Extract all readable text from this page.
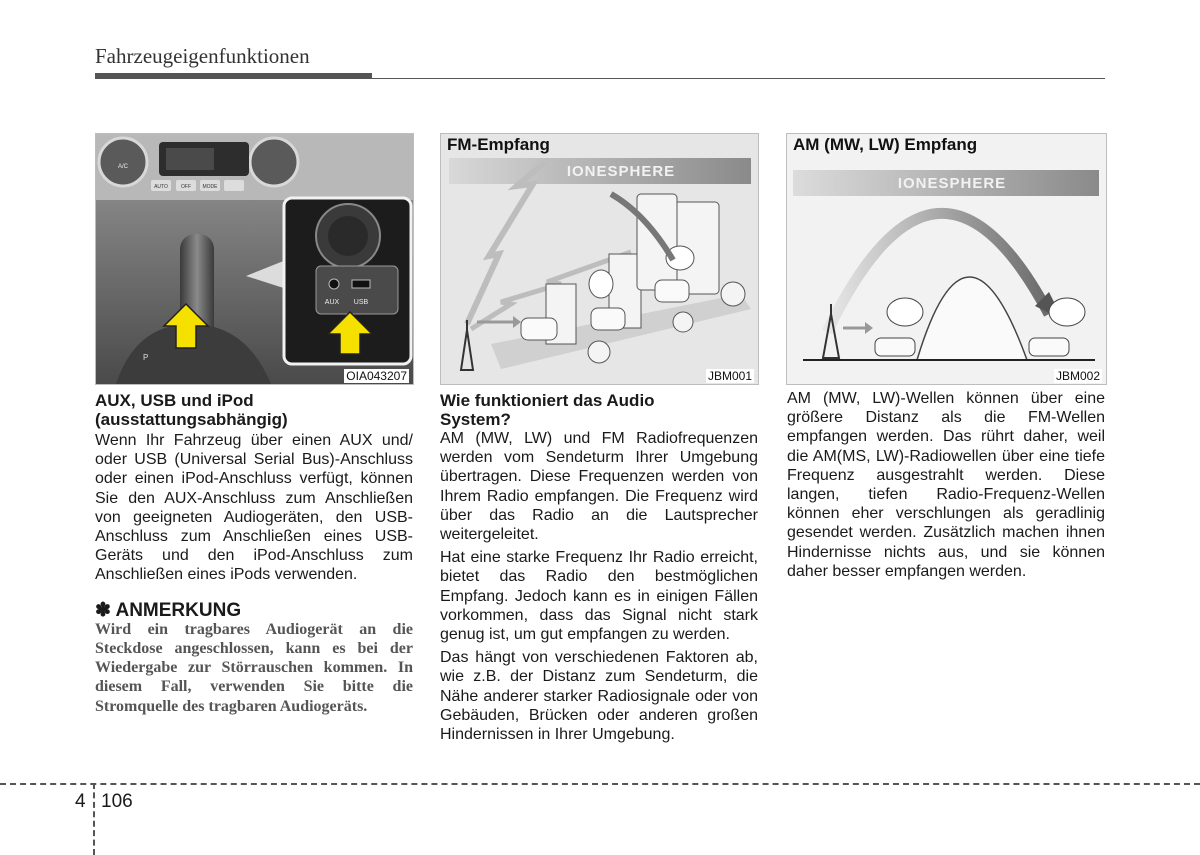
Fahrzeugeigenfunktionen
A/C
AUTO	OFF MODE
P
AUX USB
OIA043207
IONESPHERE
FM-Empfang
JBM001
IONESPHERE
AM (MW, LW) Empfang
JBM002

AUX, USB und iPod

(ausstattungsabhängig)

Wenn Ihr Fahrzeug über einen AUX und/ oder USB (Universal Serial Bus)-Anschluss oder einen iPod-Anschluss verfügt, können Sie den AUX-Anschluss zum Anschließen von geeigneten Audiogeräten, den USB-Anschluss zum Anschließen eines USB-Geräts und den iPod-Anschluss zum Anschließen eines iPods verwenden.

✽ ANMERKUNG

Wird ein tragbares Audiogerät an die Steckdose angeschlossen, kann es bei der Wiedergabe zur Störrauschen kommen. In diesem Fall, verwenden Sie bitte die Stromquelle des tragbaren Audiogeräts.

Wie funktioniert das Audio

System?

AM (MW, LW) und FM Radiofrequenzen werden vom Sendeturm Ihrer Umgebung übertragen. Diese Frequenzen werden von Ihrem Radio empfangen. Die Frequenz wird über das Radio an die Lautsprecher weitergeleitet.

Hat eine starke Frequenz Ihr Radio erreicht, bietet das Radio den bestmöglichen Empfang. Jedoch kann es in einigen Fällen vorkommen, dass das Signal nicht stark genug ist, um gut empfangen zu werden.

Das hängt von verschiedenen Faktoren ab, wie z.B. der Distanz zum Sendeturm, die Nähe anderer starker Radiosignale oder von Gebäuden, Brücken oder anderen großen Hindernissen in Ihrer Umgebung.

AM (MW, LW)-Wellen können über eine größere Distanz als die FM-Wellen empfangen werden. Das rührt daher, weil die AM(MS, LW)-Radiowellen über eine tiefe Frequenz ausgestrahlt werden. Diese langen, tiefen Radio-Frequenz-Wellen können eher verschlungen als geradlinig gesendet werden. Zusätzlich machen ihnen Hindernisse nichts aus, und sie können daher besser empfangen werden.

4 106
